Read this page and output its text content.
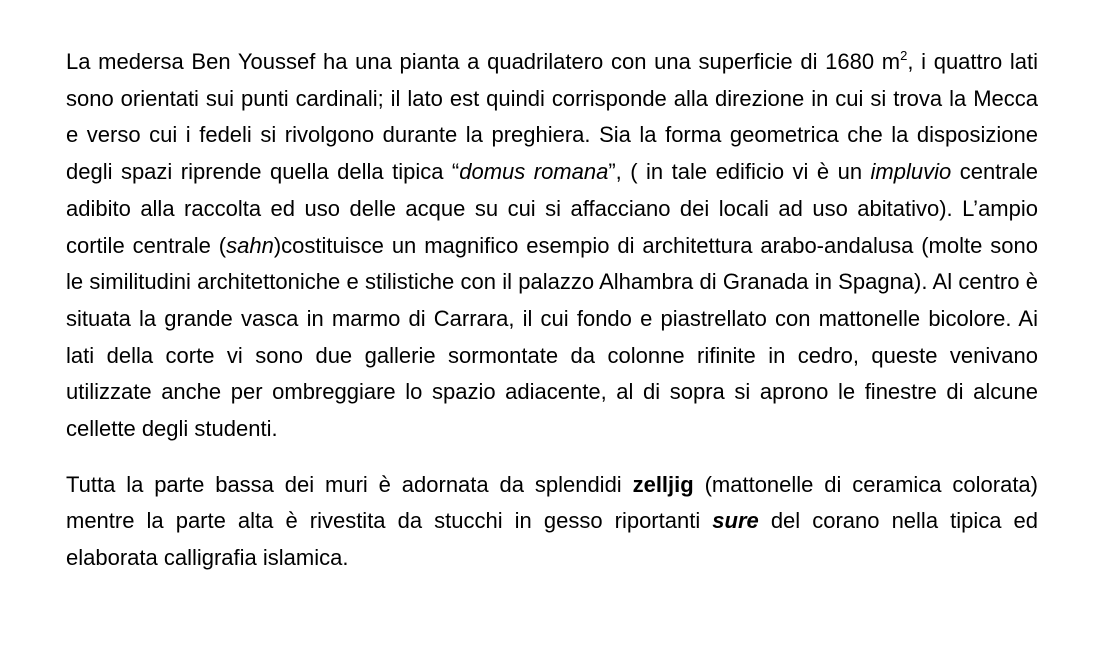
La medersa Ben Youssef ha una pianta a quadrilatero con una superficie di 1680 $m^2$, i quattro lati sono orientati sui punti cardinali; il lato est quindi corrisponde alla direzione in cui si trova la Mecca e verso cui i fedeli si rivolgono durante la preghiera. Sia la forma geometrica che la disposizione degli spazi riprende quella della tipica “domus romana”, ( in tale edificio vi è un impluvio centrale adibito alla raccolta ed uso delle acque su cui si affacciano dei locali ad uso abitativo). L’ampio cortile centrale (sahn)costituisce un magnifico esempio di architettura arabo-andalusa (molte sono le similitudini architettoniche e stilistiche con il palazzo Alhambra di Granada in Spagna). Al centro è situata la grande vasca in marmo di Carrara, il cui fondo e piastrellato con mattonelle bicolore. Ai lati della corte vi sono due gallerie sormontate da colonne rifinite in cedro, queste venivano utilizzate anche per ombreggiare lo spazio adiacente, al di sopra si aprono le finestre di alcune cellette degli studenti.

Tutta la parte bassa dei muri è adornata da splendidi zelljig (mattonelle di ceramica colorata) mentre la parte alta è rivestita da stucchi in gesso riportanti sure del corano nella tipica ed elaborata calligrafia islamica.
